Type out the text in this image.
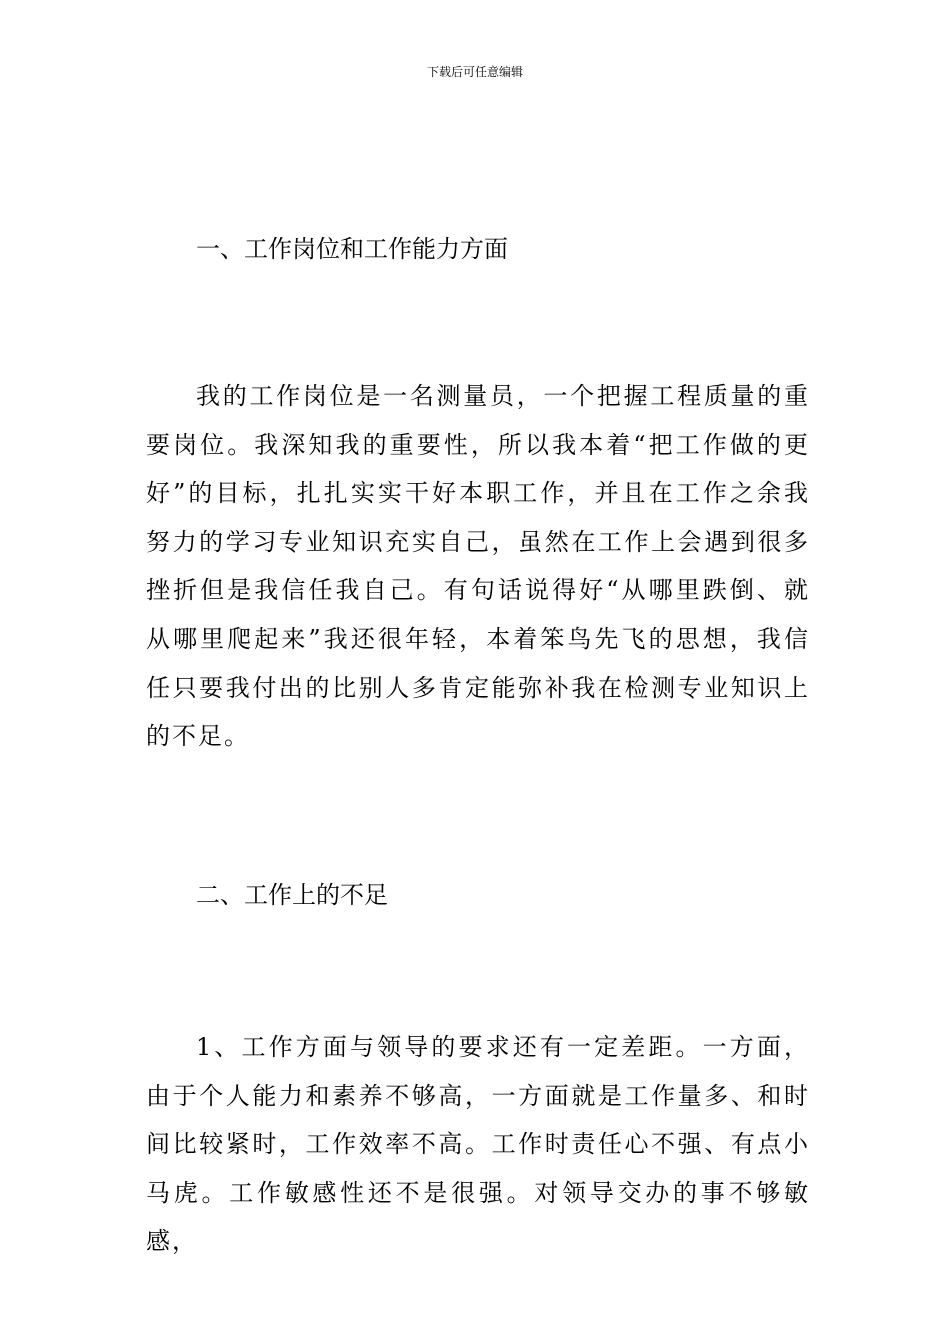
下载后可任意编辑
一、工作岗位和工作能力方面
我的工作岗位是一名测量员，一个把握工程质量的重要岗位。我深知我的重要性，所以我本着“把工作做的更好”的目标，扎扎实实干好本职工作，并且在工作之余我努力的学习专业知识充实自己，虽然在工作上会遇到很多挫折但是我信任我自己。有句话说得好“从哪里跌倒、就从哪里爬起来”我还很年轻，本着笨鸟先飞的思想，我信任只要我付出的比别人多肯定能弥补我在检测专业知识上的不足。
二、工作上的不足
1、工作方面与领导的要求还有一定差距。一方面，由于个人能力和素养不够高，一方面就是工作量多、和时间比较紧时，工作效率不高。工作时责任心不强、有点小马虎。工作敏感性还不是很强。对领导交办的事不够敏感，
